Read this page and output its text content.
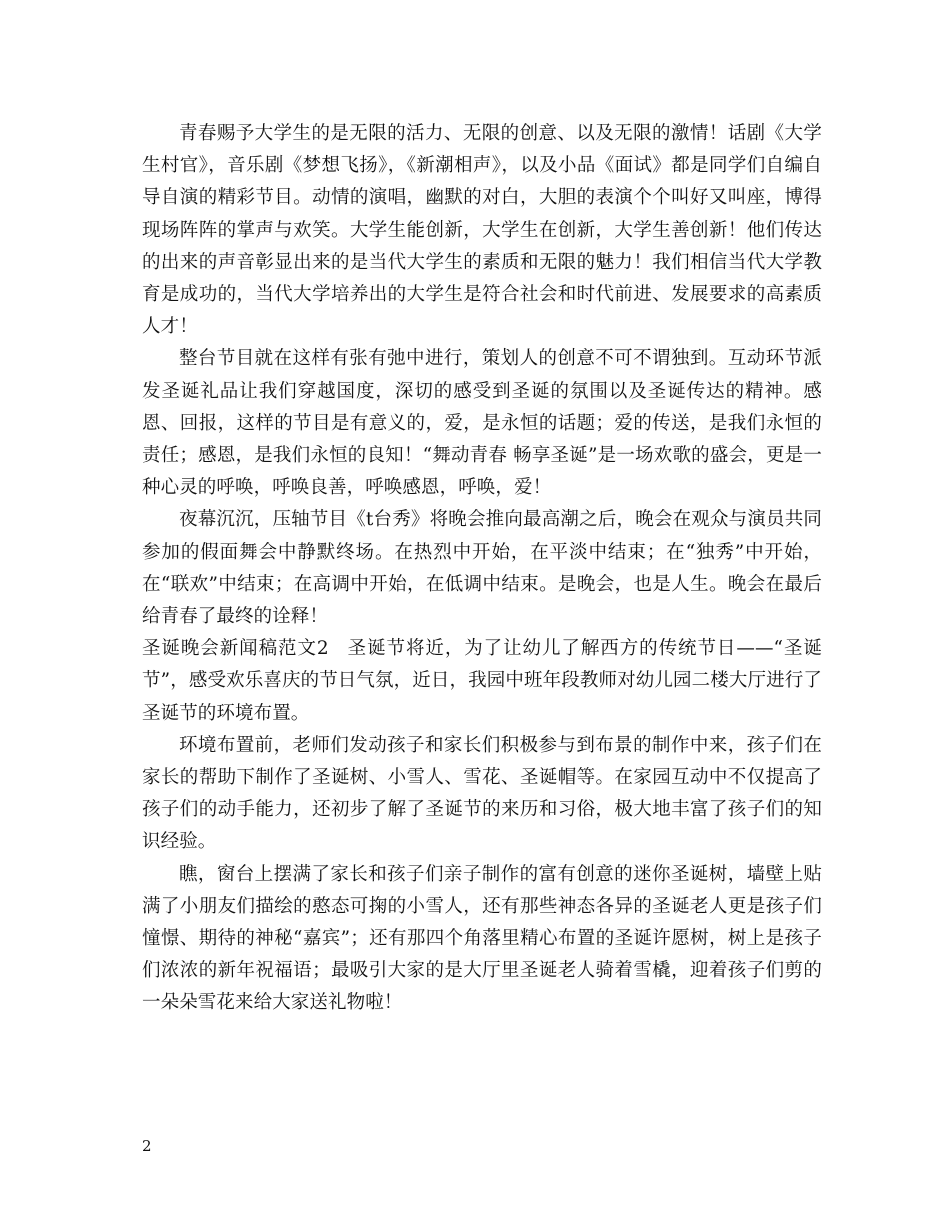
青春赐予大学生的是无限的活力、无限的创意、以及无限的激情！话剧《大学生村官》，音乐剧《梦想飞扬》，《新潮相声》，以及小品《面试》都是同学们自编自导自演的精彩节目。动情的演唱，幽默的对白，大胆的表演个个叫好又叫座，博得现场阵阵的掌声与欢笑。大学生能创新，大学生在创新，大学生善创新！他们传达的出来的声音彰显出来的是当代大学生的素质和无限的魅力！我们相信当代大学教育是成功的，当代大学培养出的大学生是符合社会和时代前进、发展要求的高素质人才！

整台节目就在这样有张有弛中进行，策划人的创意不可不谓独到。互动环节派发圣诞礼品让我们穿越国度，深切的感受到圣诞的氛围以及圣诞传达的精神。感恩、回报，这样的节目是有意义的，爱，是永恒的话题；爱的传送，是我们永恒的责任；感恩，是我们永恒的良知！“舞动青春 畅享圣诞”是一场欢歌的盛会，更是一种心灵的呼唤，呼唤良善，呼唤感恩，呼唤，爱！

夜幕沉沉，压轴节目《t台秀》将晚会推向最高潮之后，晚会在观众与演员共同参加的假面舞会中静默终场。在热烈中开始，在平淡中结束；在“独秀”中开始，在“联欢”中结束；在高调中开始，在低调中结束。是晚会，也是人生。晚会在最后给青春了最终的诠释！

圣诞晚会新闻稿范文2 圣诞节将近，为了让幼儿了解西方的传统节日——“圣诞节”，感受欢乐喜庆的节日气氛，近日，我园中班年段教师对幼儿园二楼大厅进行了圣诞节的环境布置。

环境布置前，老师们发动孩子和家长们积极参与到布景的制作中来，孩子们在家长的帮助下制作了圣诞树、小雪人、雪花、圣诞帽等。在家园互动中不仅提高了孩子们的动手能力，还初步了解了圣诞节的来历和习俗，极大地丰富了孩子们的知识经验。

瞧，窗台上摆满了家长和孩子们亲子制作的富有创意的迷你圣诞树，墙壁上贴满了小朋友们描绘的憨态可掬的小雪人，还有那些神态各异的圣诞老人更是孩子们憧憬、期待的神秘“嘉宾”；还有那四个角落里精心布置的圣诞许愿树，树上是孩子们浓浓的新年祝福语；最吸引大家的是大厅里圣诞老人骑着雪橇，迎着孩子们剪的一朵朵雪花来给大家送礼物啦！

2
